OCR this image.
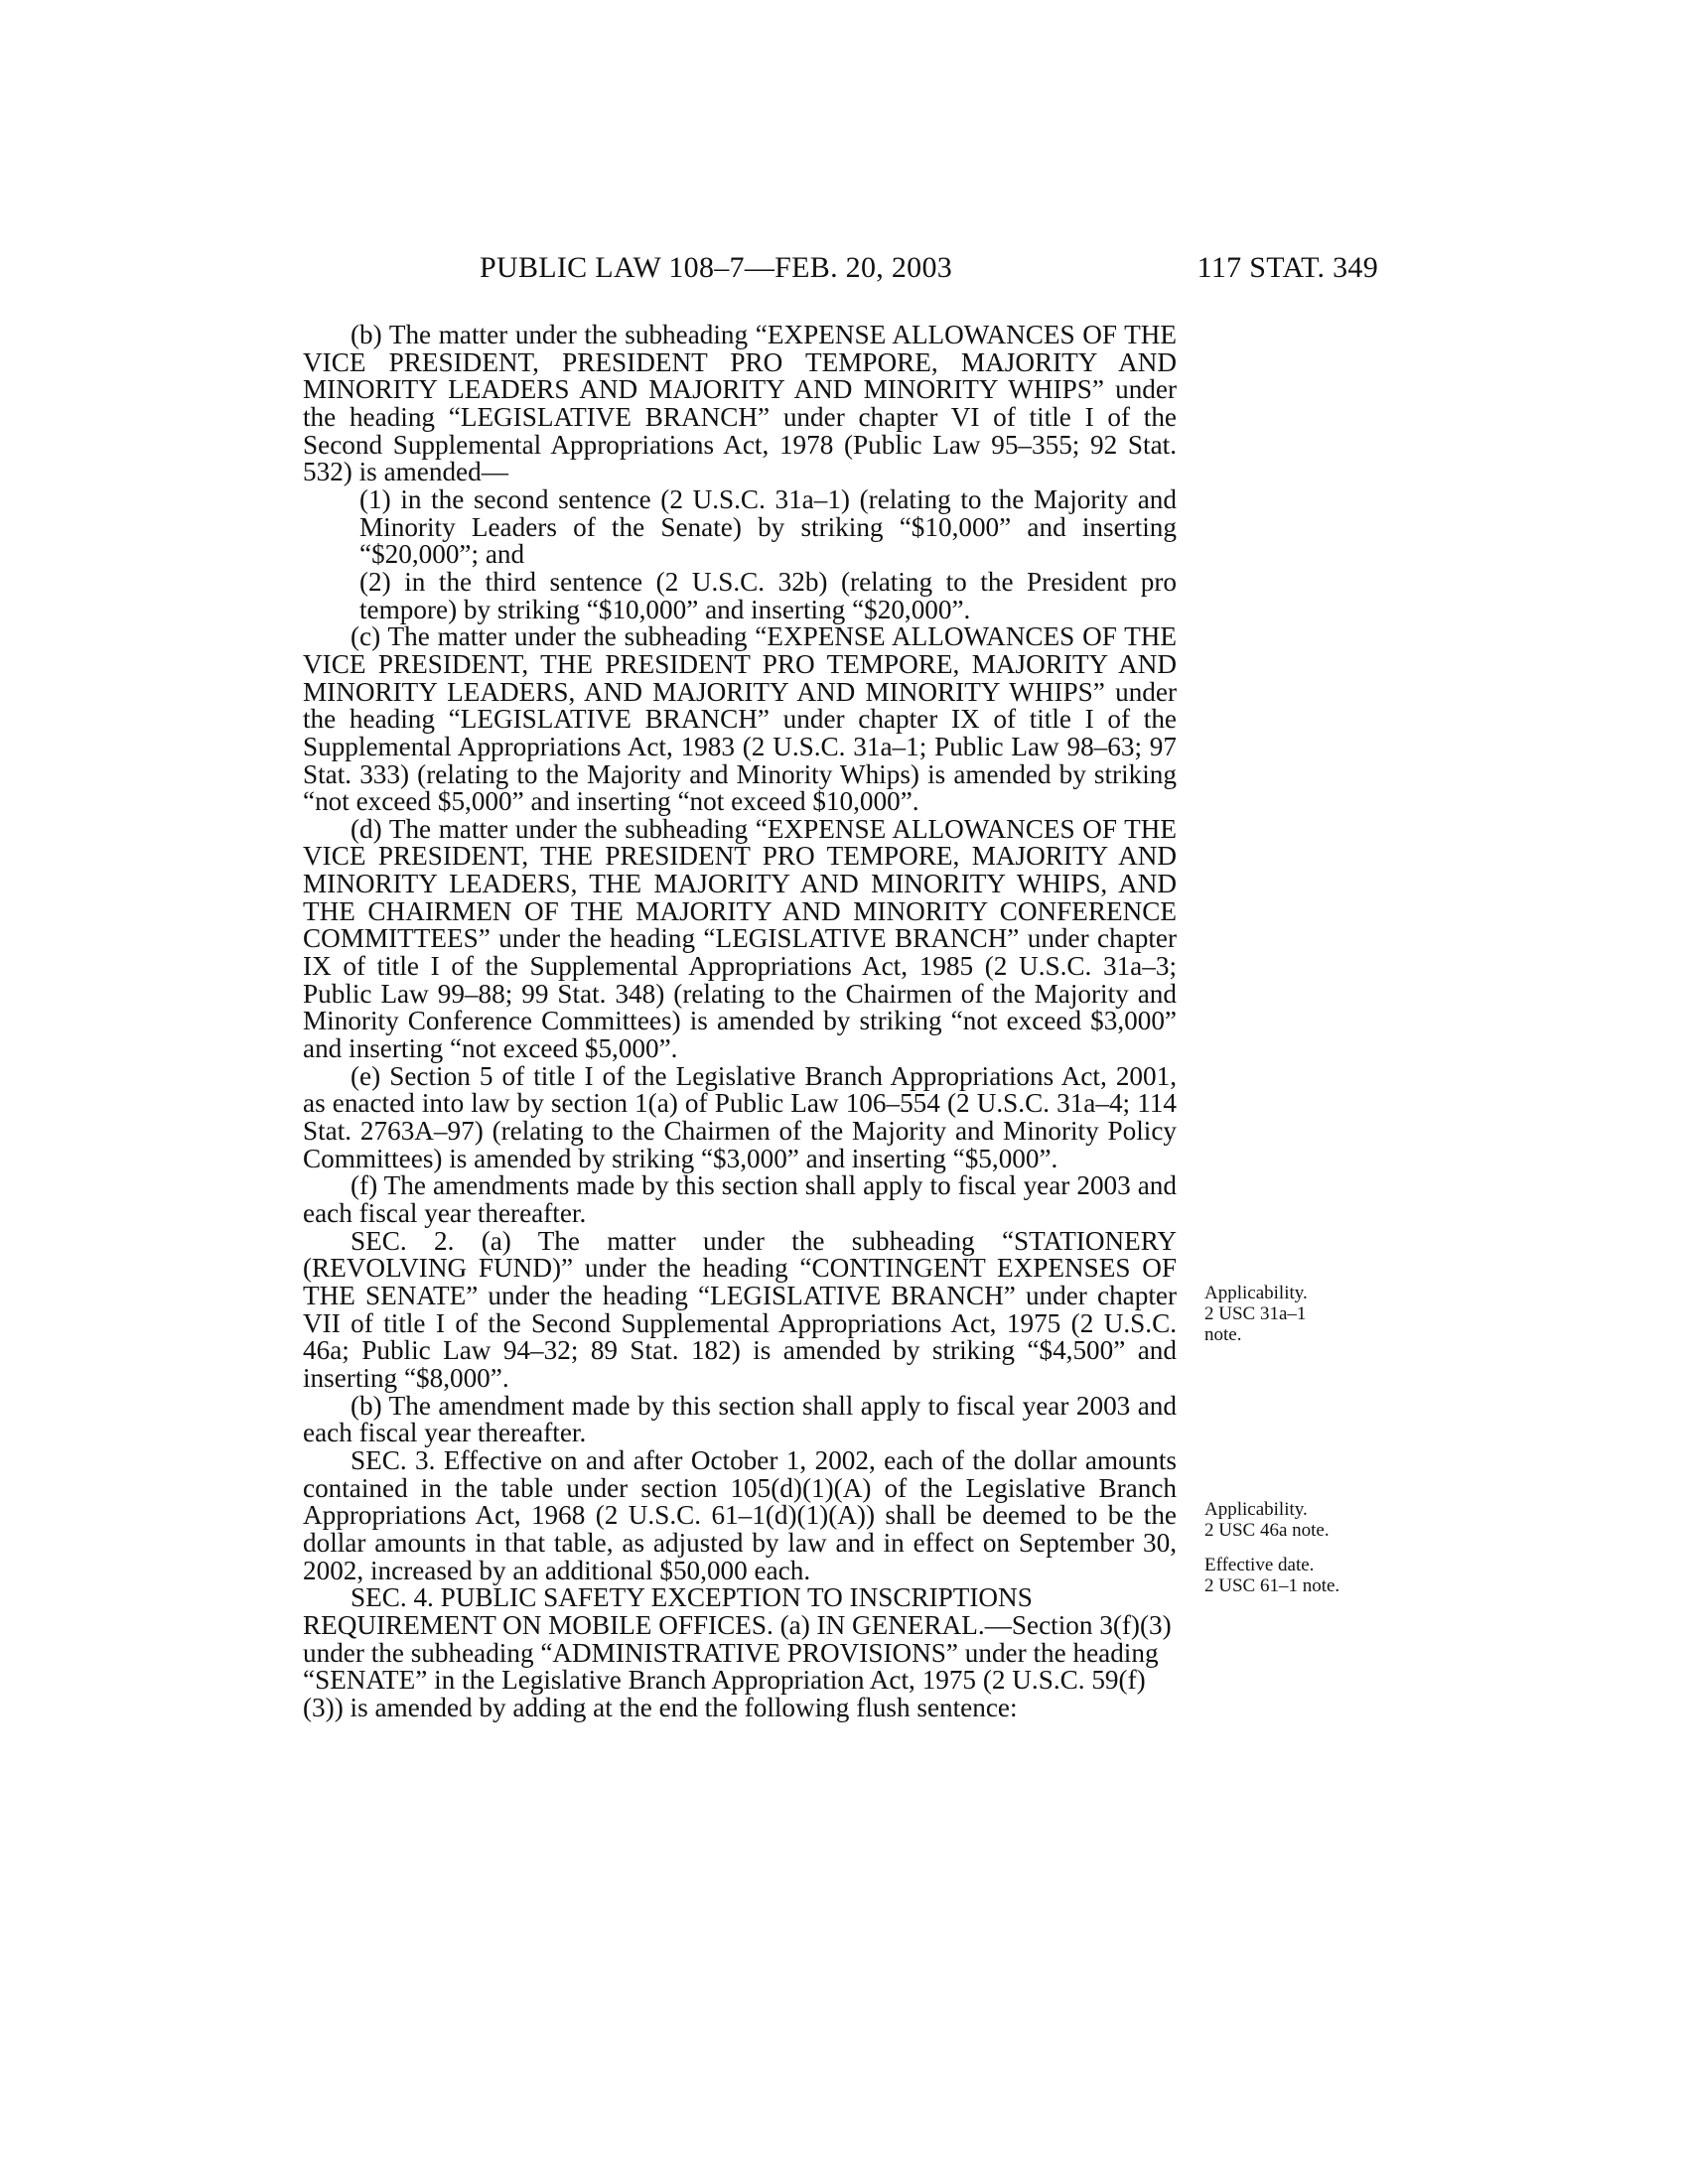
PUBLIC LAW 108–7—FEB. 20, 2003	117 STAT. 349

(b) The matter under the subheading “EXPENSE ALLOWANCES OF THE VICE PRESIDENT, PRESIDENT PRO TEMPORE, MAJORITY AND MINORITY LEADERS AND MAJORITY AND MINORITY WHIPS” under the heading “LEGISLATIVE BRANCH” under chapter VI of title I of the Second Supplemental Appropriations Act, 1978 (Public Law 95–355; 92 Stat. 532) is amended—

(1) in the second sentence (2 U.S.C. 31a–1) (relating to the Majority and Minority Leaders of the Senate) by striking “$10,000” and inserting “$20,000”; and

(2) in the third sentence (2 U.S.C. 32b) (relating to the President pro tempore) by striking “$10,000” and inserting “$20,000”.

(c) The matter under the subheading “EXPENSE ALLOWANCES OF THE VICE PRESIDENT, THE PRESIDENT PRO TEMPORE, MAJORITY AND MINORITY LEADERS, AND MAJORITY AND MINORITY WHIPS” under the heading “LEGISLATIVE BRANCH” under chapter IX of title I of the Supplemental Appropriations Act, 1983 (2 U.S.C. 31a–1; Public Law 98–63; 97 Stat. 333) (relating to the Majority and Minority Whips) is amended by striking “not exceed $5,000” and inserting “not exceed $10,000”.

(d) The matter under the subheading “EXPENSE ALLOWANCES OF THE VICE PRESIDENT, THE PRESIDENT PRO TEMPORE, MAJORITY AND MINORITY LEADERS, THE MAJORITY AND MINORITY WHIPS, AND THE CHAIRMEN OF THE MAJORITY AND MINORITY CONFERENCE COMMITTEES” under the heading “LEGISLATIVE BRANCH” under chapter IX of title I of the Supplemental Appropriations Act, 1985 (2 U.S.C. 31a–3; Public Law 99–88; 99 Stat. 348) (relating to the Chairmen of the Majority and Minority Conference Committees) is amended by striking “not exceed $3,000” and inserting “not exceed $5,000”.

(e) Section 5 of title I of the Legislative Branch Appropriations Act, 2001, as enacted into law by section 1(a) of Public Law 106–554 (2 U.S.C. 31a–4; 114 Stat. 2763A–97) (relating to the Chairmen of the Majority and Minority Policy Committees) is amended by striking “$3,000” and inserting “$5,000”.

(f) The amendments made by this section shall apply to fiscal year 2003 and each fiscal year thereafter.

SEC. 2. (a) The matter under the subheading “STATIONERY (REVOLVING FUND)” under the heading “CONTINGENT EXPENSES OF THE SENATE” under the heading “LEGISLATIVE BRANCH” under chapter VII of title I of the Second Supplemental Appropriations Act, 1975 (2 U.S.C. 46a; Public Law 94–32; 89 Stat. 182) is amended by striking “$4,500” and inserting “$8,000”.

(b) The amendment made by this section shall apply to fiscal year 2003 and each fiscal year thereafter.

SEC. 3. Effective on and after October 1, 2002, each of the dollar amounts contained in the table under section 105(d)(1)(A) of the Legislative Branch Appropriations Act, 1968 (2 U.S.C. 61–1(d)(1)(A)) shall be deemed to be the dollar amounts in that table, as adjusted by law and in effect on September 30, 2002, increased by an additional $50,000 each.

SEC. 4. PUBLIC SAFETY EXCEPTION TO INSCRIPTIONS REQUIREMENT ON MOBILE OFFICES. (a) IN GENERAL.—Section 3(f)(3) under the subheading “ADMINISTRATIVE PROVISIONS” under the heading “SENATE” in the Legislative Branch Appropriation Act, 1975 (2 U.S.C. 59(f)(3)) is amended by adding at the end the following flush sentence:

Applicability.
2 USC 31a–1
note.
Applicability.
2 USC 46a note.
Effective date.
2 USC 61–1 note.
